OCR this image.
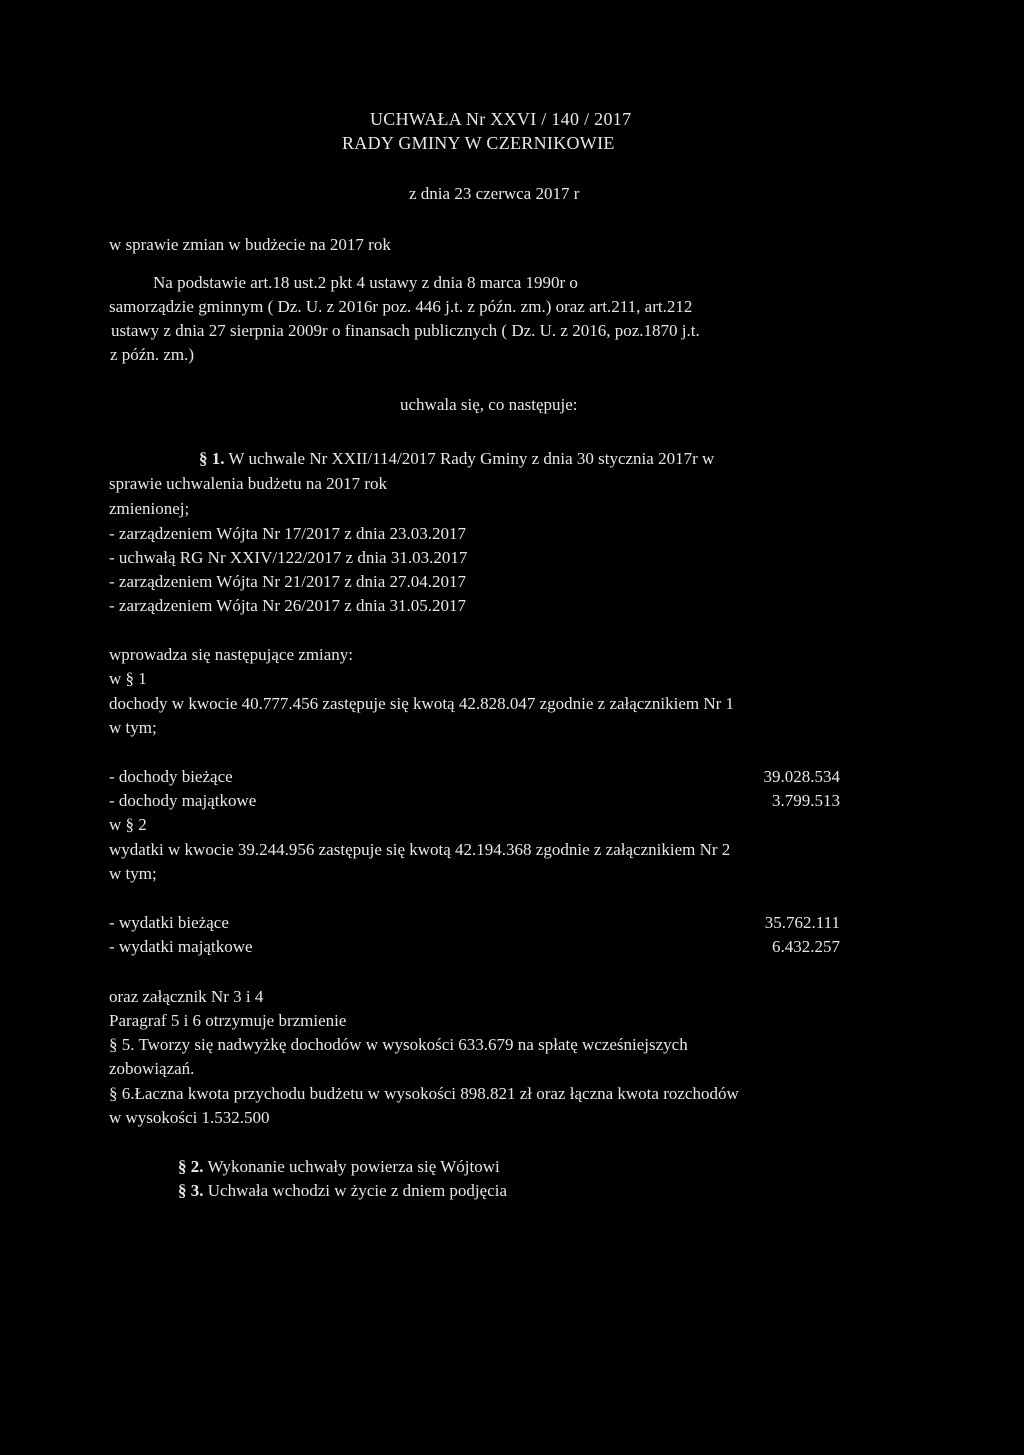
UCHWAŁA Nr XXVI / 140 / 2017
RADY GMINY W CZERNIKOWIE
z dnia 23 czerwca 2017 r
w sprawie zmian w budżecie na 2017 rok
Na podstawie art.18 ust.2 pkt 4 ustawy z dnia 8 marca 1990r o
samorządzie gminnym ( Dz. U. z 2016r poz. 446 j.t. z późn. zm.) oraz art.211, art.212
ustawy z dnia 27 sierpnia 2009r o finansach publicznych ( Dz. U. z 2016, poz.1870 j.t.
z późn. zm.)
uchwala się, co następuje:
§ 1. W uchwale Nr XXII/114/2017 Rady Gminy z dnia 30 stycznia 2017r w
sprawie uchwalenia budżetu na 2017 rok
zmienionej;
- zarządzeniem Wójta Nr 17/2017 z dnia 23.03.2017
- uchwałą RG Nr XXIV/122/2017 z dnia 31.03.2017
- zarządzeniem Wójta Nr 21/2017 z dnia 27.04.2017
- zarządzeniem Wójta Nr 26/2017 z dnia 31.05.2017
wprowadza się następujące zmiany:
w § 1
dochody w kwocie 40.777.456 zastępuje się kwotą 42.828.047 zgodnie z załącznikiem Nr 1
w tym;
- dochody bieżące	39.028.534
- dochody majątkowe	3.799.513
w § 2
wydatki w kwocie 39.244.956 zastępuje się kwotą 42.194.368 zgodnie z załącznikiem Nr 2
w tym;
- wydatki bieżące	35.762.111
- wydatki majątkowe	6.432.257
oraz załącznik Nr 3 i 4
Paragraf 5 i 6 otrzymuje brzmienie
§ 5. Tworzy się nadwyżkę dochodów w wysokości 633.679 na spłatę wcześniejszych
zobowiązań.
§ 6.Łaczna kwota przychodu budżetu w wysokości 898.821 zł oraz łączna kwota rozchodów
w wysokości 1.532.500
§ 2. Wykonanie uchwały powierza się Wójtowi
§ 3. Uchwała wchodzi w życie z dniem podjęcia
